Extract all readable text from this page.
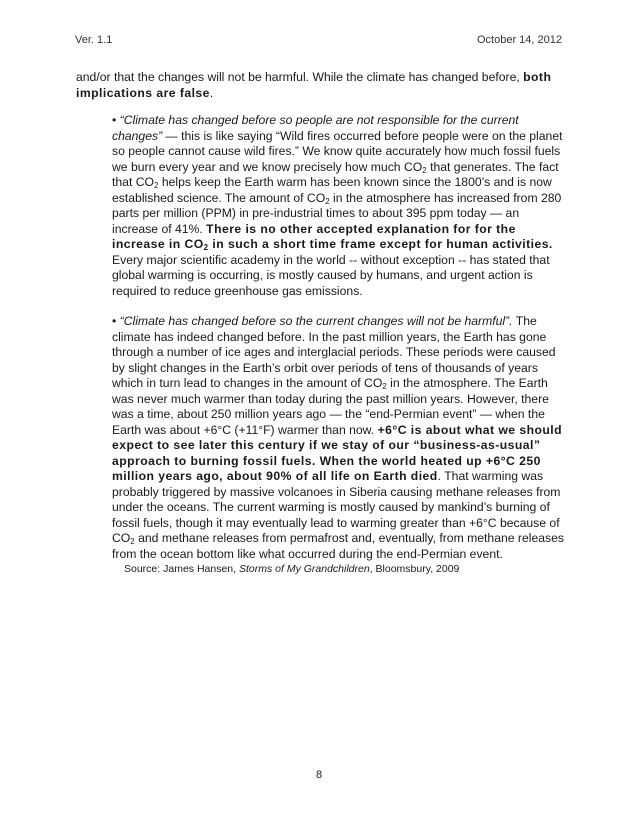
Ver. 1.1	October 14, 2012

and/or that the changes will not be harmful. While the climate has changed before, both implications are false.

• “Climate has changed before so people are not responsible for the current changes” — this is like saying “Wild fires occurred before people were on the planet so people cannot cause wild fires.” We know quite accurately how much fossil fuels we burn every year and we know precisely how much $CO_2$ that generates. The fact that $CO_2$ helps keep the Earth warm has been known since the 1800’s and is now established science. The amount of $CO_2$ in the atmosphere has increased from 280 parts per million (PPM) in pre-industrial times to about 395 ppm today — an increase of 41%. There is no other accepted explanation for for the increase in $CO_2$ in such a short time frame except for human activities. Every major scientific academy in the world -- without exception -- has stated that global warming is occurring, is mostly caused by humans, and urgent action is required to reduce greenhouse gas emissions.

• “Climate has changed before so the current changes will not be harmful”. The climate has indeed changed before. In the past million years, the Earth has gone through a number of ice ages and interglacial periods. These periods were caused by slight changes in the Earth’s orbit over periods of tens of thousands of years which in turn lead to changes in the amount of $CO_2$ in the atmosphere. The Earth was never much warmer than today during the past million years. However, there was a time, about 250 million years ago — the “end-Permian event” — when the Earth was about +6°C (+11°F) warmer than now. +6°C is about what we should expect to see later this century if we stay of our “business-as-usual” approach to burning fossil fuels. When the world heated up +6°C 250 million years ago, about 90% of all life on Earth died. That warming was probably triggered by massive volcanoes in Siberia causing methane releases from under the oceans. The current warming is mostly caused by mankind’s burning of fossil fuels, though it may eventually lead to warming greater than +6°C because of $CO_2$ and methane releases from permafrost and, eventually, from methane releases from the ocean bottom like what occurred during the end-Permian event.

Source: James Hansen, Storms of My Grandchildren, Bloomsbury, 2009

8
